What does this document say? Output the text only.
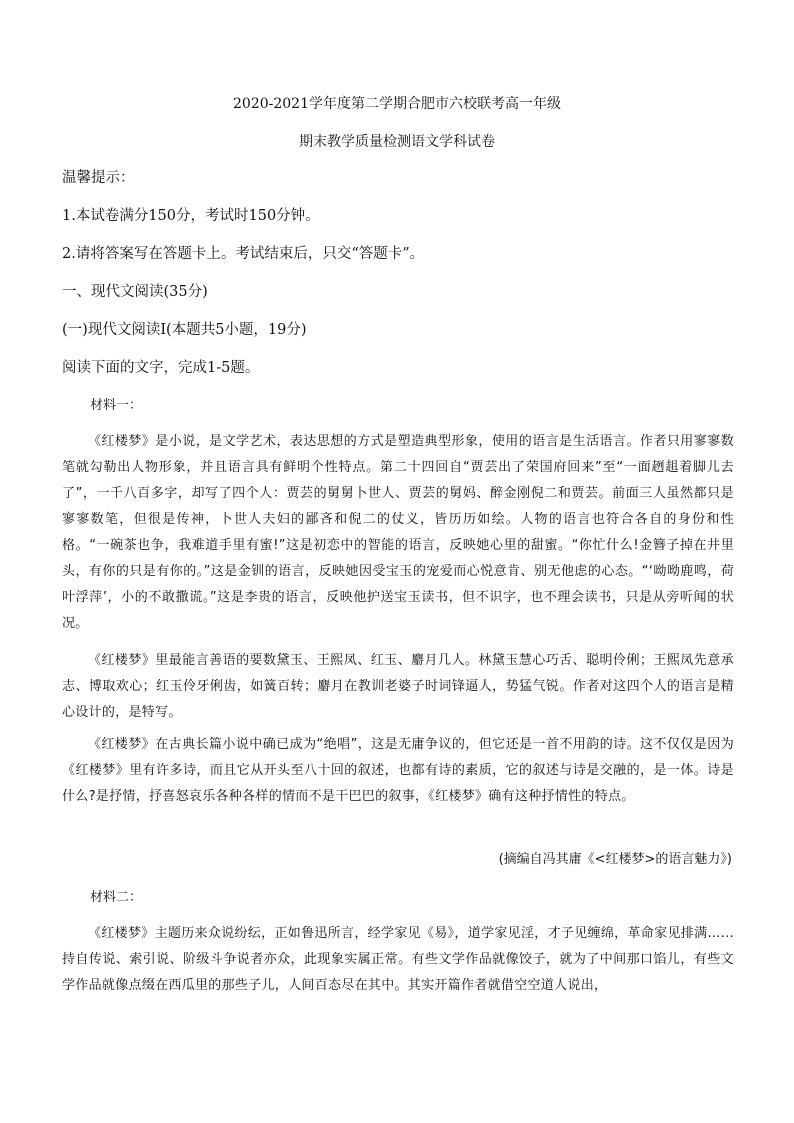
2020-2021学年度第二学期合肥市六校联考高一年级
期末教学质量检测语文学科试卷
温馨提示：
1.本试卷满分150分，考试时150分钟。
2.请将答案写在答题卡上。考试结束后，只交“答题卡”。
一、现代文阅读(35分)
(一)现代文阅读Ⅰ(本题共5小题，19分)
阅读下面的文字，完成1-5题。
材料一：

《红楼梦》是小说，是文学艺术，表达思想的方式是塑造典型形象，使用的语言是生活语言。作者只用寥寥数笔就勾勒出人物形象，并且语言具有鲜明个性特点。第二十四回自“贾芸出了荣国府回来”至“一面趔趄着脚儿去了”，一千八百多字，却写了四个人：贾芸的舅舅卜世人、贾芸的舅妈、醉金刚倪二和贾芸。前面三人虽然都只是寥寥数笔，但很是传神，卜世人夫妇的鄙吝和倪二的仗义，皆历历如绘。人物的语言也符合各自的身份和性格。“一碗茶也争，我难道手里有蜜!”这是初恋中的智能的语言，反映她心里的甜蜜。“你忙什么!金簪子掉在井里头，有你的只是有你的。”这是金钏的语言，反映她因受宝玉的宠爱而心悦意肯、别无他虑的心态。“‘呦呦鹿鸣，荷叶浮萍’，小的不敢撒谎。”这是李贵的语言，反映他护送宝玉读书，但不识字，也不理会读书，只是从旁听闻的状况。

《红楼梦》里最能言善语的要数黛玉、王熙凤、红玉、麝月几人。林黛玉慧心巧舌、聪明伶俐；王熙凤先意承志、博取欢心；红玉伶牙俐齿，如簧百转；麝月在教训老婆子时词锋逼人，势猛气锐。作者对这四个人的语言是精心设计的，是特写。

《红楼梦》在古典长篇小说中确已成为“绝唱”，这是无庸争议的，但它还是一首不用韵的诗。这不仅仅是因为《红楼梦》里有许多诗，而且它从开头至八十回的叙述，也都有诗的素质，它的叙述与诗是交融的，是一体。诗是什么?是抒情，抒喜怒哀乐各种各样的情而不是干巴巴的叙事，《红楼梦》确有这种抒情性的特点。

(摘编自冯其庸《<红楼梦>的语言魅力》)
材料二：

《红楼梦》主题历来众说纷纭，正如鲁迅所言，经学家见《易》，道学家见淫，才子见缠绵，革命家见排满……持自传说、索引说、阶级斗争说者亦众，此现象实属正常。有些文学作品就像饺子，就为了中间那口馅儿，有些文学作品就像点缀在西瓜里的那些子儿，人间百态尽在其中。其实开篇作者就借空空道人说出，
